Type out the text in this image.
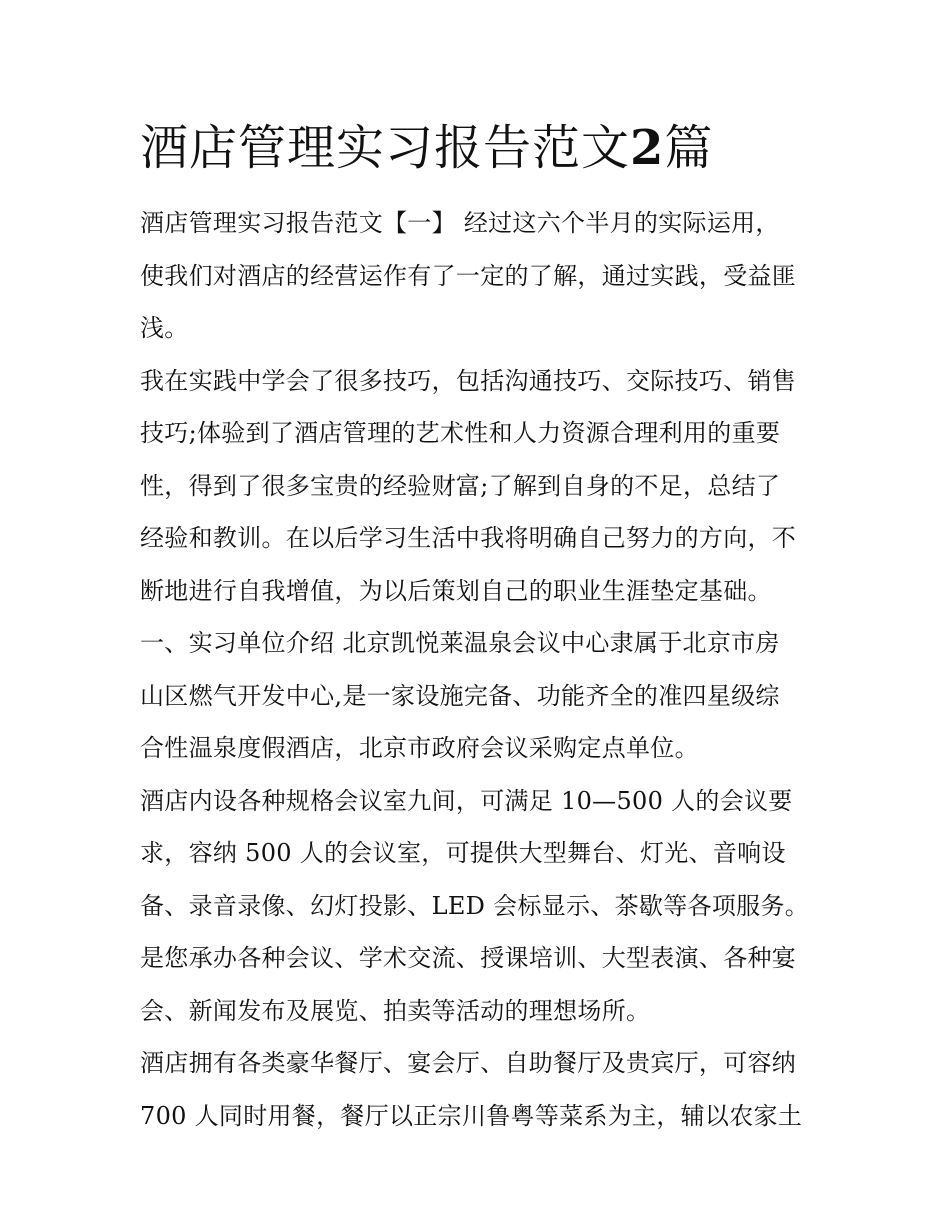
酒店管理实习报告范文2篇
酒店管理实习报告范文【一】 经过这六个半月的实际运用，
使我们对酒店的经营运作有了一定的了解，通过实践，受益匪
浅。
我在实践中学会了很多技巧，包括沟通技巧、交际技巧、销售
技巧;体验到了酒店管理的艺术性和人力资源合理利用的重要
性，得到了很多宝贵的经验财富;了解到自身的不足，总结了
经验和教训。在以后学习生活中我将明确自己努力的方向，不
断地进行自我增值，为以后策划自己的职业生涯垫定基础。
一、实习单位介绍 北京凯悦莱温泉会议中心隶属于北京市房
山区燃气开发中心,是一家设施完备、功能齐全的准四星级综
合性温泉度假酒店，北京市政府会议采购定点单位。
酒店内设各种规格会议室九间，可满足 10—500 人的会议要
求，容纳 500 人的会议室，可提供大型舞台、灯光、音响设
备、录音录像、幻灯投影、LED 会标显示、茶歇等各项服务。
是您承办各种会议、学术交流、授课培训、大型表演、各种宴
会、新闻发布及展览、拍卖等活动的理想场所。
酒店拥有各类豪华餐厅、宴会厅、自助餐厅及贵宾厅，可容纳
700 人同时用餐，餐厅以正宗川鲁粤等菜系为主，辅以农家土
